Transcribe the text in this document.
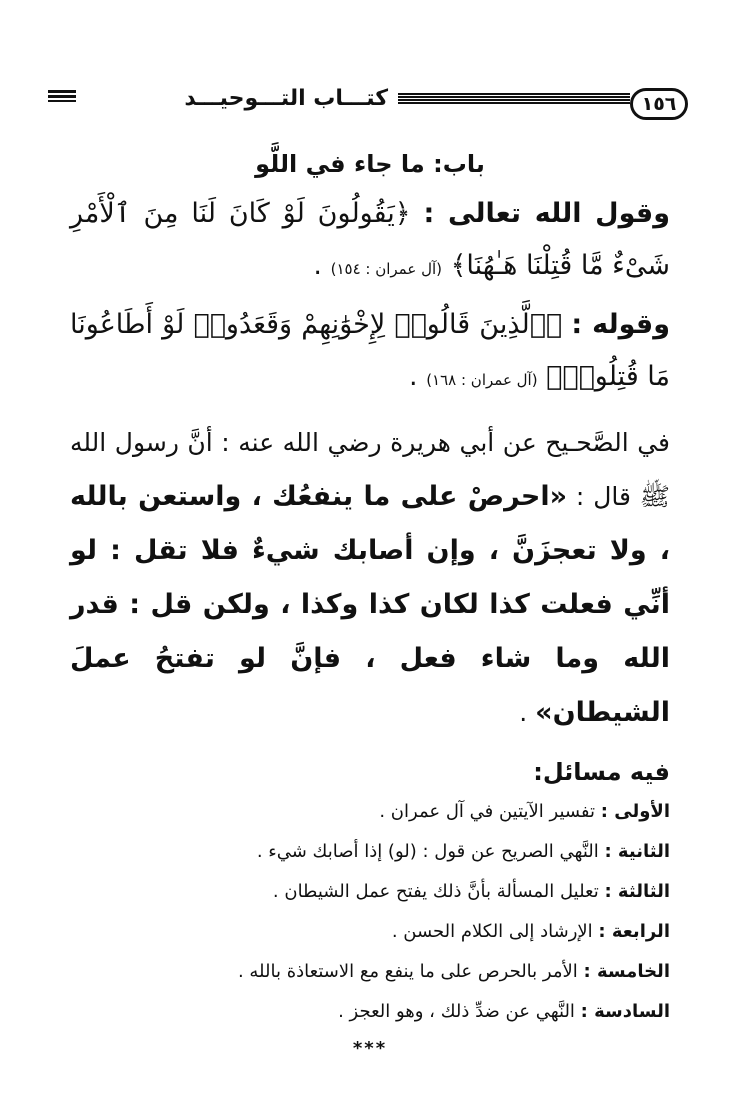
١٥٦
كتـــاب التـــوحيـــد
باب: ما جاء في اللَّو
وقول الله تعالى : ﴿يَقُولُونَ لَوْ كَانَ لَنَا مِنَ ٱلْأَمْرِ شَىْءٌ مَّا قُتِلْنَا هَـٰهُنَا﴾ (آل عمران : ١٥٤) .
وقوله : ﴿ٱلَّذِينَ قَالُوا۟ لِإِخْوَٰنِهِمْ وَقَعَدُوا۟ لَوْ أَطَاعُونَا مَا قُتِلُوا۟﴾ (آل عمران : ١٦٨) .
في الصَّحـيح عن أبي هريرة رضي الله عنه : أنَّ رسول الله ﷺ قال : «احرصْ على ما ينفعُك ، واستعن بالله ، ولا تعجزَنَّ ، وإن أصابك شيءٌ فلا تقل : لو أنِّي فعلت كذا لكان كذا وكذا ، ولكن قل : قدر الله وما شاء فعل ، فإنَّ لو تفتحُ عملَ الشيطان» .
فيه مسائل:
الأولى : تفسير الآيتين في آل عمران .
الثانية : النَّهي الصريح عن قول : (لو) إذا أصابك شيء .
الثالثة : تعليل المسألة بأنَّ ذلك يفتح عمل الشيطان .
الرابعة : الإرشاد إلى الكلام الحسن .
الخامسة : الأمر بالحرص على ما ينفع مع الاستعاذة بالله .
السادسة : النَّهي عن ضدِّ ذلك ، وهو العجز .
***
